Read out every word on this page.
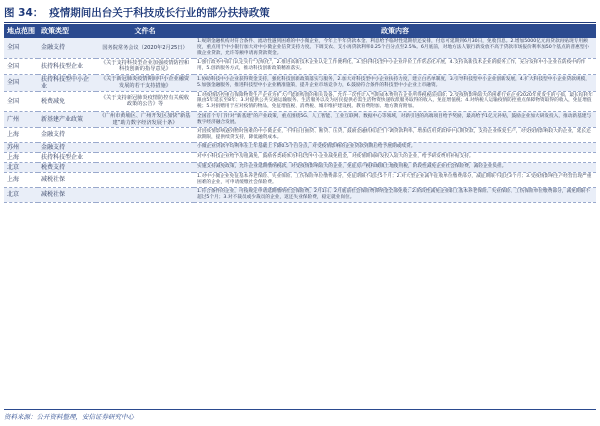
图 34： 疫情期间出台关于科技成长行业的部分扶持政策
地点范围	政策类型	文件名	政策内容
全国	金融支持	国务院常务会议（2020年2月25日）	1.规期金融机构对符合条件、流动性遇到困难的中小微企业，今年上半年贷款本金、利息给予临时性延期偿还安排，付息可延期到6月30日，免收罚息。2.增加5000亿元再贷款再贴现专用额度，重点用于中小银行加大对中小微企业信贷支持力度。下调支农、支小再贷款利率0.25个百分点至2.5%。6月底前，对地方法人银行新发放不高于贷款市场报价利率加50个基点的普惠型小微企业贷款，允许等额申请再贷款资金。
全国	扶持科技型企业	《关于支持科技型企业加强疫情防控和科技创新的指导意见》	1.强行政务中部门认定实行“无纸化”，2.推进高新技术企业认定工作便利化，3.坚持科技型中小企业评价工作常态化开展，4.支持高新技术企业的服务工作，充分发挥中小企业在防疫中的作用，5.创新服务方式，推动科技创新政策精准落实。
全国	扶持科技型中小企业	《关于新冠肺炎疫情期间中小企业融资发展的若干支持措施》	1.协助科技中小企业获得资金支持，强化科技创新政策落实与服务，2.加大对科技型中小企业扶持力度，建立白名单制度，3.引导科技型中小企业创新发展，4.扩大科技型中小企业贷款规模，5.加强金融服务，推进科技型中小企业精准施策，提升企业市场竞争力，6.鼓励符合条件的科技型中小企业上市融资。
全国	税费减免	《关于支持新冠肺炎疫情防控有关税收政策的公告》等	1.对疫情防控重点保障物资生产企业为扩大产能新购置的相关设备，允许一次性计入当期成本费用在企业所得税税前扣除；2.受疫情影响较大的困难行业企业2020年度发生的亏损，最长结转年限由5年延长至8年；3.对提供公共交通运输服务、生活服务以及为居民提供必需生活物资快递收派服务取得的收入，免征增值税；4.对纳税人运输疫情防控重点保障物资取得的收入，免征增值税；5.对捐赠用于应对疫情的物品，免征增值税、消费税、城市维护建设税、教育费附加、地方教育附加。
广州	新基建产业政策	《广州市黄埔区、广州开发区加快“新基建”助力数字经济发展十条》	全国首个专门针对“新基建”的产业政策，重点围绕5G、人工智能、工业互联网、数据中心等领域，对新引进的高端项目给予奖励，最高给予1亿元补贴，鼓励企业加大研发投入，推动新基建与数字经济融合发展。
上海	金融支持		对因疫情影响遇到暂时困难的中小微企业，不得盲目抽贷、断贷、压贷，鼓励金融机构适当下调贷款利率，增加信用贷款和中长期贷款，支持企业恢复生产，对受疫情影响较大的企业，延长还款期限，提供续贷支持，降低融资成本。
苏州	金融支持		小微企业贷款平均利率在上年基础上下降0.5个百分点，对受疫情影响的企业贷款到期后给予展期或续贷。
上海	扶持科技型企业		对中小科技企业给予房租减免，鼓励各类载体为科技型中小企业减免租金，对疫情期间研发投入较大的企业，给予研发费用补贴支持。
北京	税费支持		实施支持减免政策，允许企业延期缴纳税款，对受疫情影响较大的企业，免征房产税和城镇土地使用税，阶段性减免企业社会保险费，减轻企业负担。
上海	减税社保		1.对中小微企业免征基本养老保险、失业保险、工伤保险单位缴费部分，免征期限不超过5个月；2.对大型企业减半征收单位缴费部分，减征期限不超过3个月；3.受疫情影响生产经营出现严重困难的企业，可申请缓缴社会保险费。
北京	减税社保		1.符合条件的企业，可按规定申请延期缴纳社会保险费，2月1日、2月底前社会保险费滞纳金全部免收；2.阶段性减免企业职工基本养老保险、失业保险、工伤保险单位缴费部分，减免期限不超过5个月；3.对不裁员或少裁员的企业，返还失业保险费，稳定就业岗位。
资料来源：公开资料整理，安信证券研究中心
